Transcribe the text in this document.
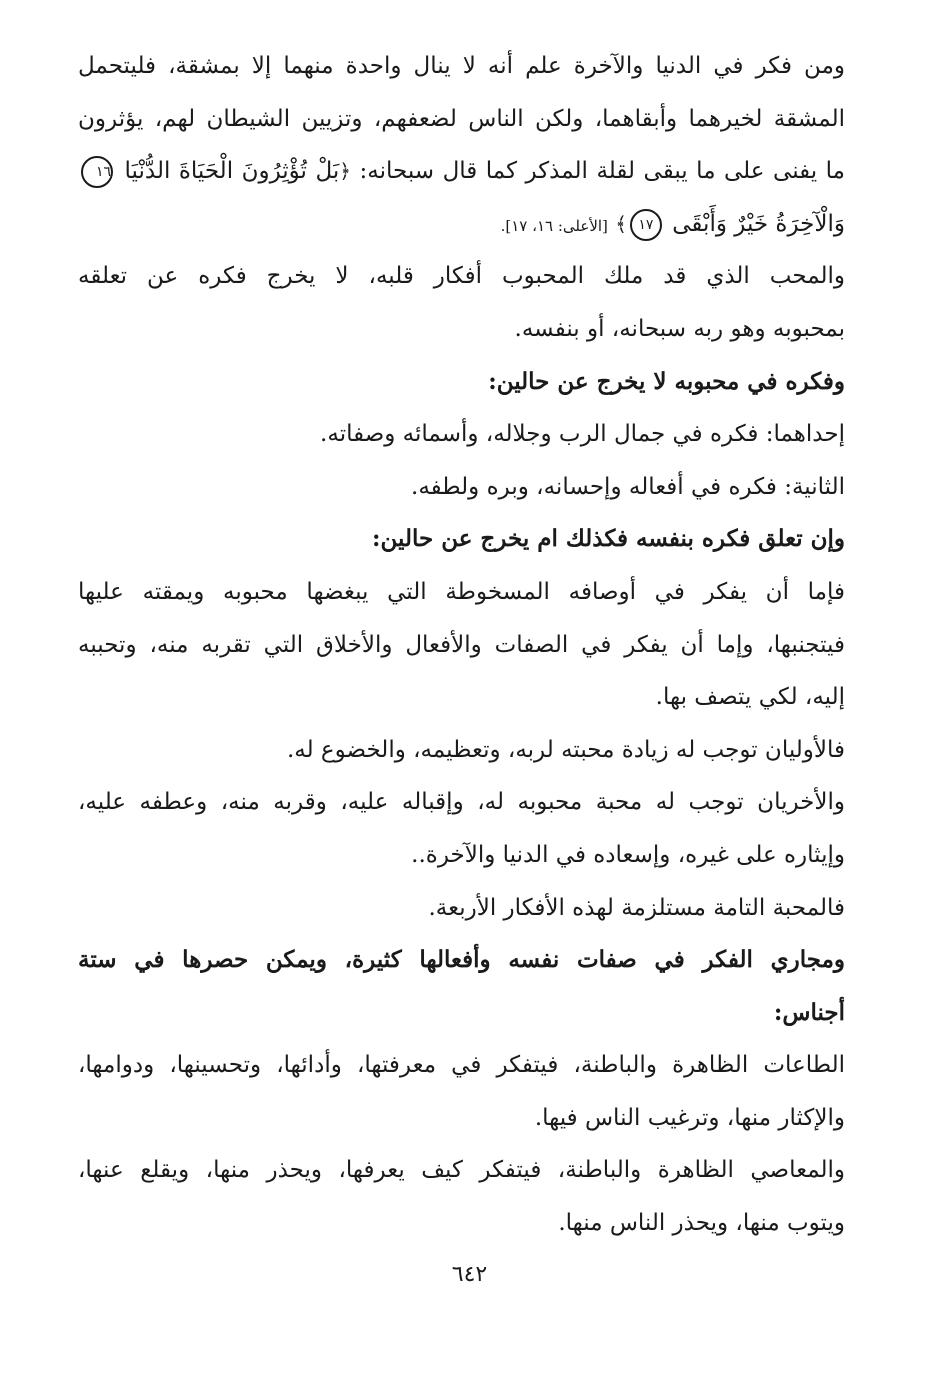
ومن فكر في الدنيا والآخرة علم أنه لا ينال واحدة منهما إلا بمشقة، فليتحمل
المشقة لخيرهما وأبقاهما، ولكن الناس لضعفهم، وتزيين الشيطان لهم، يؤثرون
ما يفنى على ما يبقى لقلة المذكر كما قال سبحانه: ﴿بَلْ تُؤْثِرُونَ الْحَيَاةَ الدُّنْيَا ١٦
وَالْآخِرَةُ خَيْرٌ وَأَبْقَى ١٧﴾ [الأعلى: ١٦، ١٧].
والمحب الذي قد ملك المحبوب أفكار قلبه، لا يخرج فكره عن تعلقه
بمحبوبه وهو ربه سبحانه، أو بنفسه.
وفكره في محبوبه لا يخرج عن حالين:
إحداهما: فكره في جمال الرب وجلاله، وأسمائه وصفاته.
الثانية: فكره في أفعاله وإحسانه، وبره ولطفه.
وإن تعلق فكره بنفسه فكذلك ام يخرج عن حالين:
فإما أن يفكر في أوصافه المسخوطة التي يبغضها محبوبه ويمقته عليها
فيتجنبها، وإما أن يفكر في الصفات والأفعال والأخلاق التي تقربه منه، وتحببه
إليه، لكي يتصف بها.
فالأوليان توجب له زيادة محبته لربه، وتعظيمه، والخضوع له.
والأخريان توجب له محبة محبوبه له، وإقباله عليه، وقربه منه، وعطفه عليه،
وإيثاره على غيره، وإسعاده في الدنيا والآخرة..
فالمحبة التامة مستلزمة لهذه الأفكار الأربعة.
ومجاري الفكر في صفات نفسه وأفعالها كثيرة، ويمكن حصرها في ستة
أجناس:
الطاعات الظاهرة والباطنة، فيتفكر في معرفتها، وأدائها، وتحسينها، ودوامها،
والإكثار منها، وترغيب الناس فيها.
والمعاصي الظاهرة والباطنة، فيتفكر كيف يعرفها، ويحذر منها، ويقلع عنها،
ويتوب منها، ويحذر الناس منها.
٦٤٢
